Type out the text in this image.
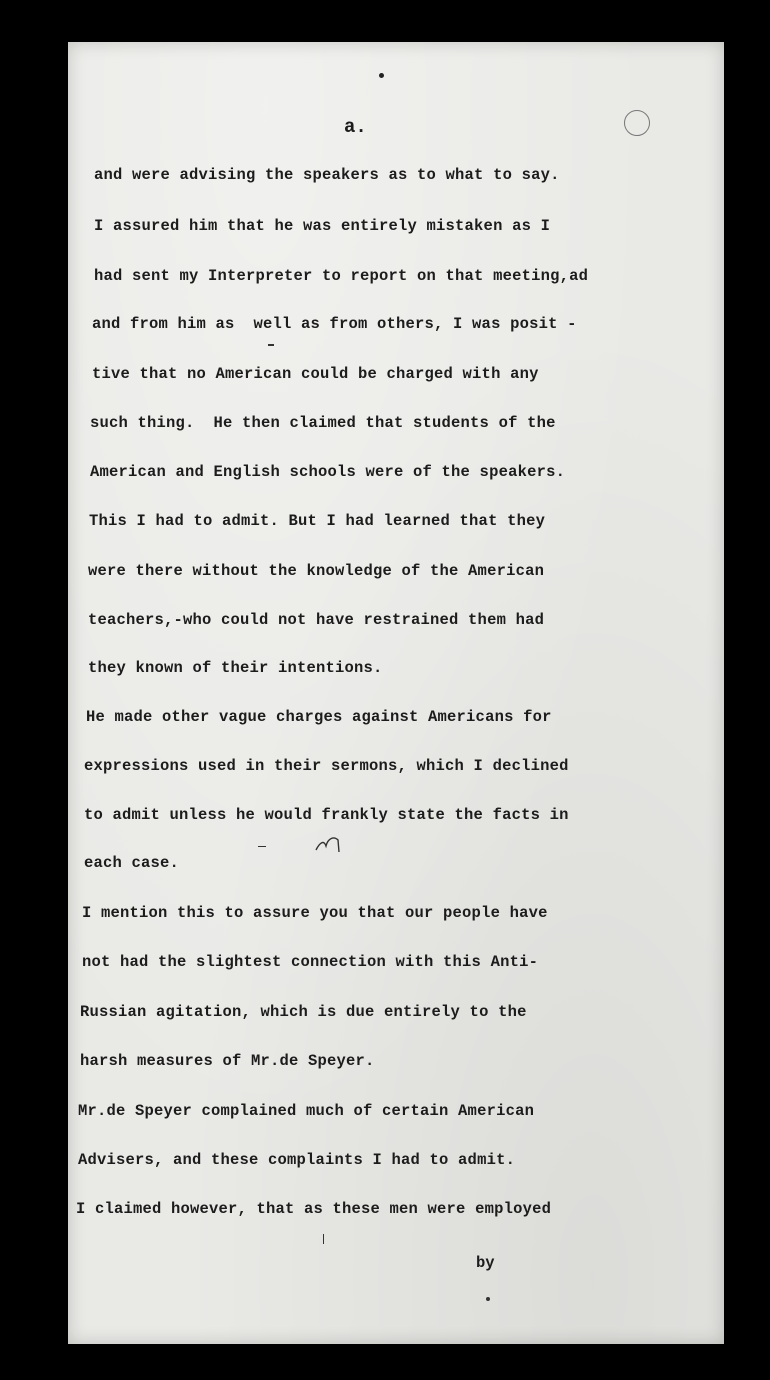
a.
and were advising the speakers as to what to say.
I assured him that he was entirely mistaken as I
had sent my Interpreter to report on that meeting,ad
and from him as  well as from others, I was posit -
tive that no American could be charged with any
such thing.  He then claimed that students of the
American and English schools were of the speakers.
This I had to admit. But I had learned that they
were there without the knowledge of the American
teachers,-who could not have restrained them had
they known of their intentions.
He made other vague charges against Americans for
expressions used in their sermons, which I declined
to admit unless he would frankly state the facts in
each case.
I mention this to assure you that our people have
not had the slightest connection with this Anti-
Russian agitation, which is due entirely to the
harsh measures of Mr.de Speyer.
Mr.de Speyer complained much of certain American
Advisers, and these complaints I had to admit.
I claimed however, that as these men were employed
by
